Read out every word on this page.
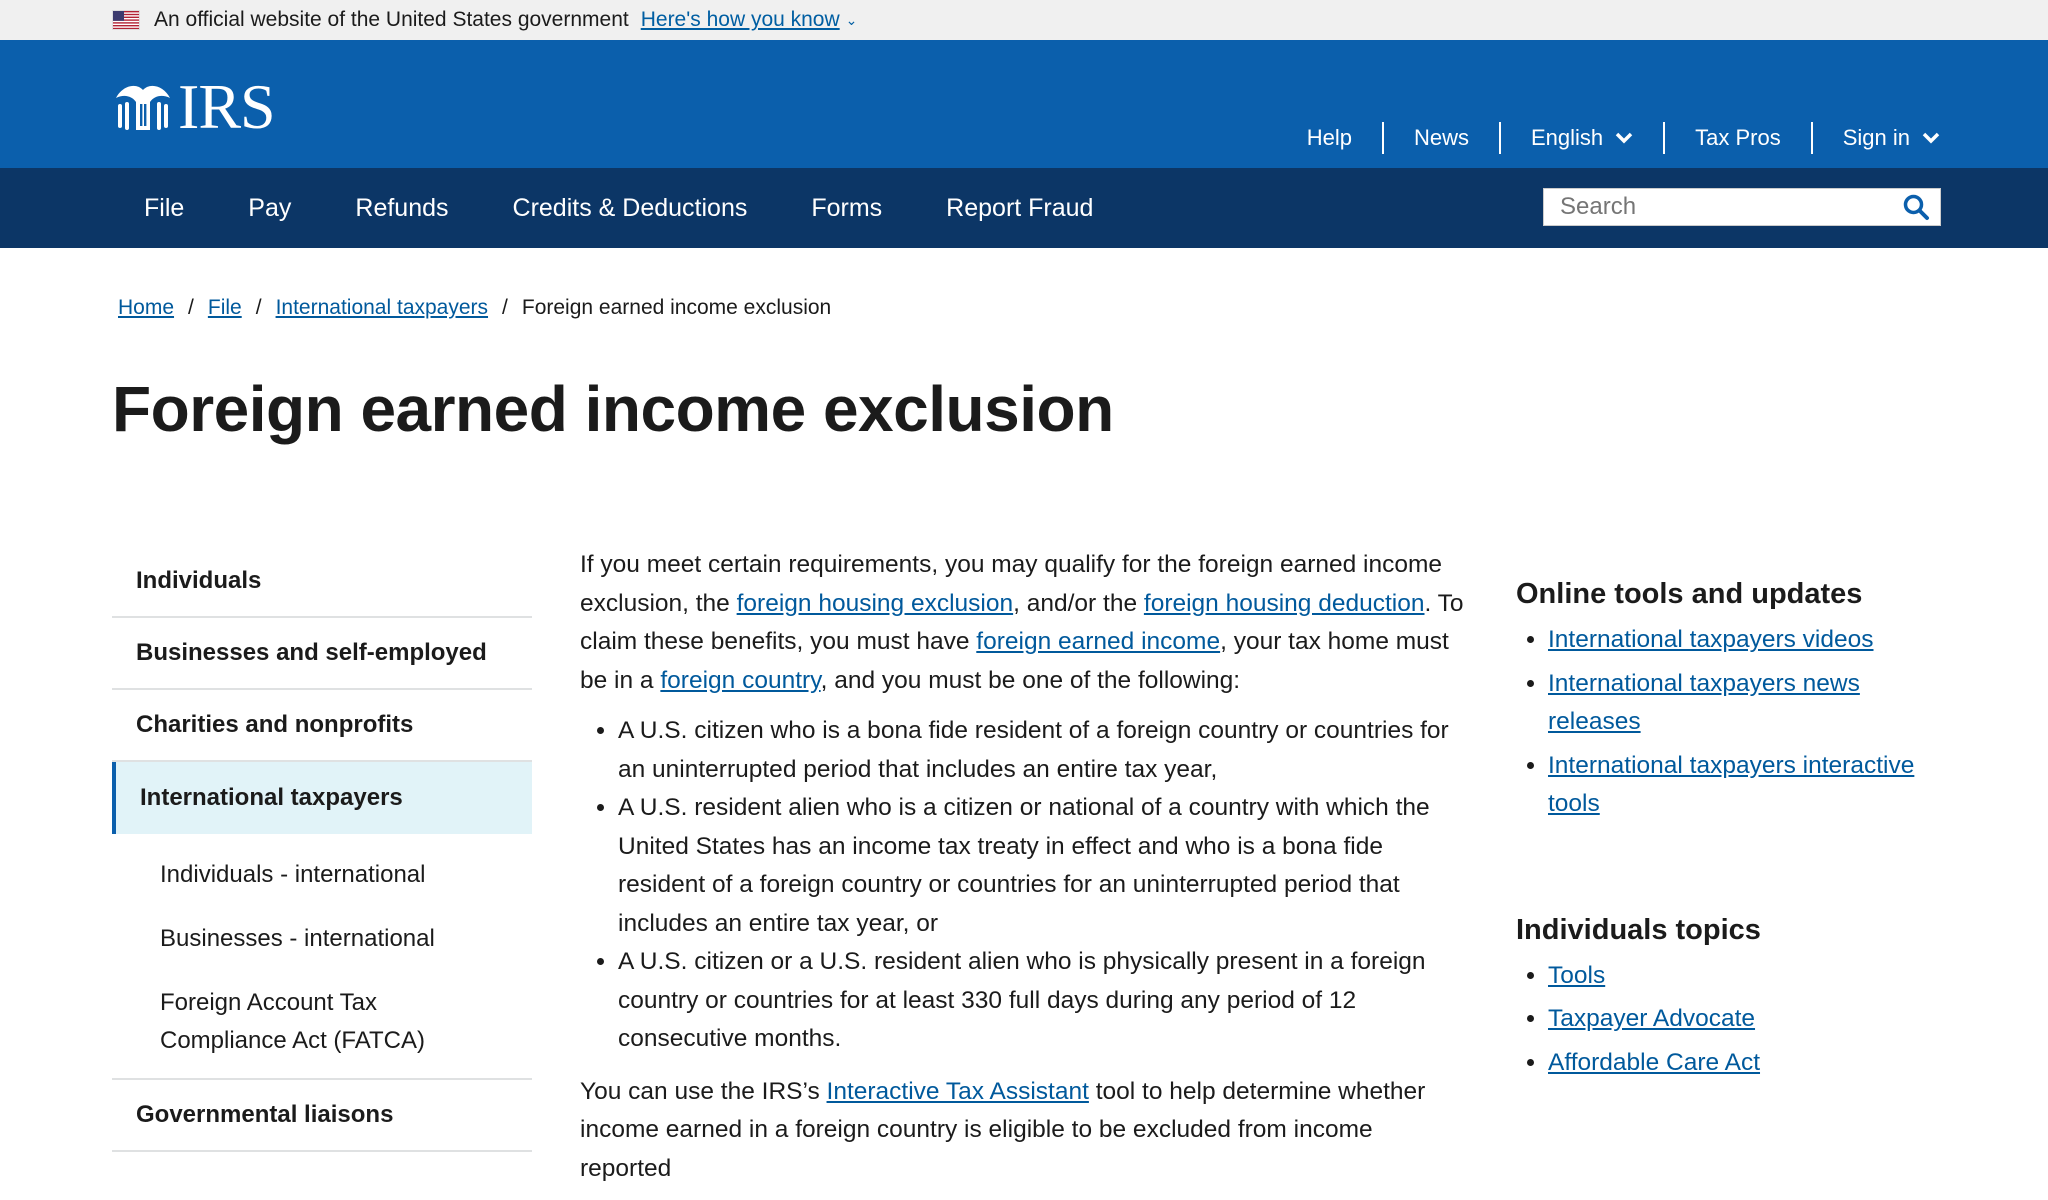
An official website of the United States government Here's how you know ⌄
IRS	Help	News	English	Tax Pros	Sign in
File	Pay	Refunds	Credits & Deductions	Forms	Report Fraud
Search
Home / File / International taxpayers / Foreign earned income exclusion
Foreign earned income exclusion
Individuals
Businesses and self-employed
Charities and nonprofits
International taxpayers
Individuals - international
Businesses - international
Foreign Account Tax Compliance Act (FATCA)
Governmental liaisons

If you meet certain requirements, you may qualify for the foreign earned income exclusion, the foreign housing exclusion, and/or the foreign housing deduction. To claim these benefits, you must have foreign earned income, your tax home must be in a foreign country, and you must be one of the following:

• A U.S. citizen who is a bona fide resident of a foreign country or countries for an uninterrupted period that includes an entire tax year,
• A U.S. resident alien who is a citizen or national of a country with which the United States has an income tax treaty in effect and who is a bona fide resident of a foreign country or countries for an uninterrupted period that includes an entire tax year, or
• A U.S. citizen or a U.S. resident alien who is physically present in a foreign country or countries for at least 330 full days during any period of 12 consecutive months.

You can use the IRS’s Interactive Tax Assistant tool to help determine whether income earned in a foreign country is eligible to be excluded from income reported

Online tools and updates
• International taxpayers videos
• International taxpayers news releases
• International taxpayers interactive tools
Individuals topics
• Tools
• Taxpayer Advocate
• Affordable Care Act
